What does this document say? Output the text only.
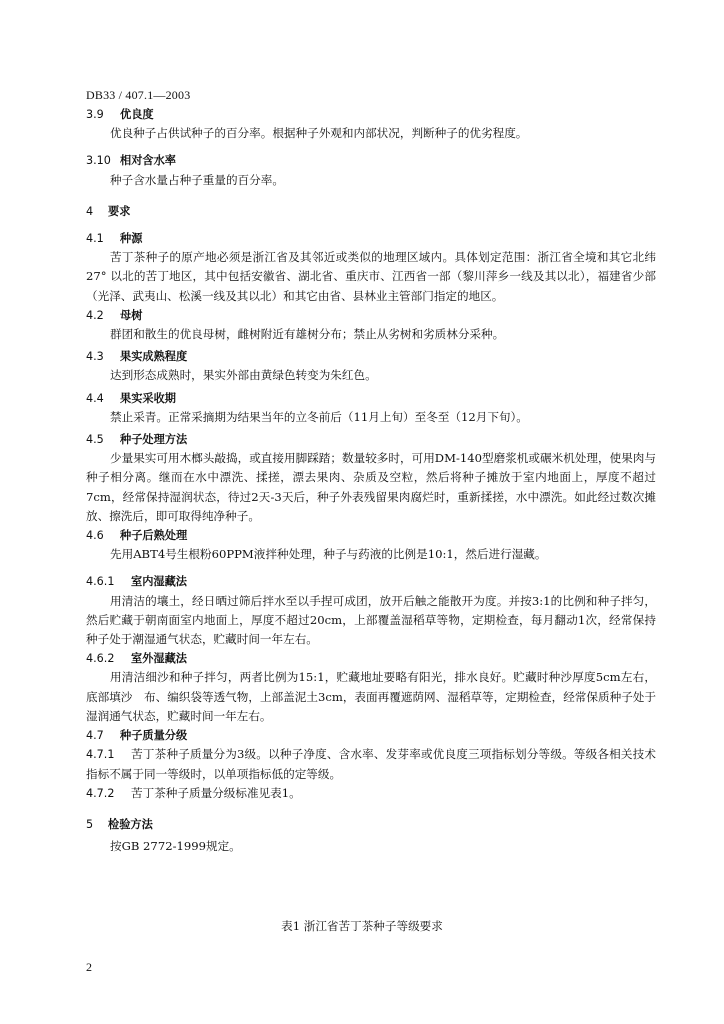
DB33 / 407.1—2003
3.9 优良度
优良种子占供试种子的百分率。根据种子外观和内部状况，判断种子的优劣程度。
3.10 相对含水率
种子含水量占种子重量的百分率。
4 要求
4.1 种源
苦丁茶种子的原产地必须是浙江省及其邻近或类似的地理区域内。具体划定范围：浙江省全境和其它北纬27° 以北的苦丁地区，其中包括安徽省、湖北省、重庆市、江西省一部（黎川萍乡一线及其以北），福建省少部（光泽、武夷山、松溪一线及其以北）和其它由省、县林业主管部门指定的地区。
4.2 母树
群团和散生的优良母树，雌树附近有雄树分布；禁止从劣树和劣质林分采种。
4.3 果实成熟程度
达到形态成熟时，果实外部由黄绿色转变为朱红色。
4.4 果实采收期
禁止采青。正常采摘期为结果当年的立冬前后（11月上旬）至冬至（12月下旬）。
4.5 种子处理方法
少量果实可用木榔头敲捣，或直接用脚踩踏；数量较多时，可用DM-140型磨浆机或碾米机处理，使果肉与种子相分离。继而在水中漂洗、揉搓，漂去果肉、杂质及空粒，然后将种子摊放于室内地面上，厚度不超过7cm，经常保持湿润状态，待过2天-3天后，种子外表残留果肉腐烂时，重新揉搓，水中漂洗。如此经过数次摊放、擦洗后，即可取得纯净种子。
4.6 种子后熟处理
先用ABT4号生根粉60PPM液拌种处理，种子与药液的比例是10:1，然后进行湿藏。
4.6.1 室内湿藏法
用清洁的壤土，经日晒过筛后拌水至以手捏可成团，放开后触之能散开为度。并按3:1的比例和种子拌匀，然后贮藏于朝南面室内地面上，厚度不超过20cm，上部覆盖湿稻草等物，定期检查，每月翻动1次，经常保持种子处于潮湿通气状态，贮藏时间一年左右。
4.6.2 室外湿藏法
用清洁细沙和种子拌匀，两者比例为15:1，贮藏地址要略有阳光，排水良好。贮藏时种沙厚度5cm左右，底部填沙　布、编织袋等透气物，上部盖泥土3cm，表面再覆遮荫网、湿稻草等，定期检查，经常保质种子处于湿润通气状态，贮藏时间一年左右。
4.7 种子质量分级
4.7.1 苦丁茶种子质量分为3级。以种子净度、含水率、发芽率或优良度三项指标划分等级。等级各相关技术指标不属于同一等级时，以单项指标低的定等级。
4.7.2 苦丁茶种子质量分级标准见表1。
5 检验方法
按GB 2772-1999规定。
表1 浙江省苦丁茶种子等级要求
2
